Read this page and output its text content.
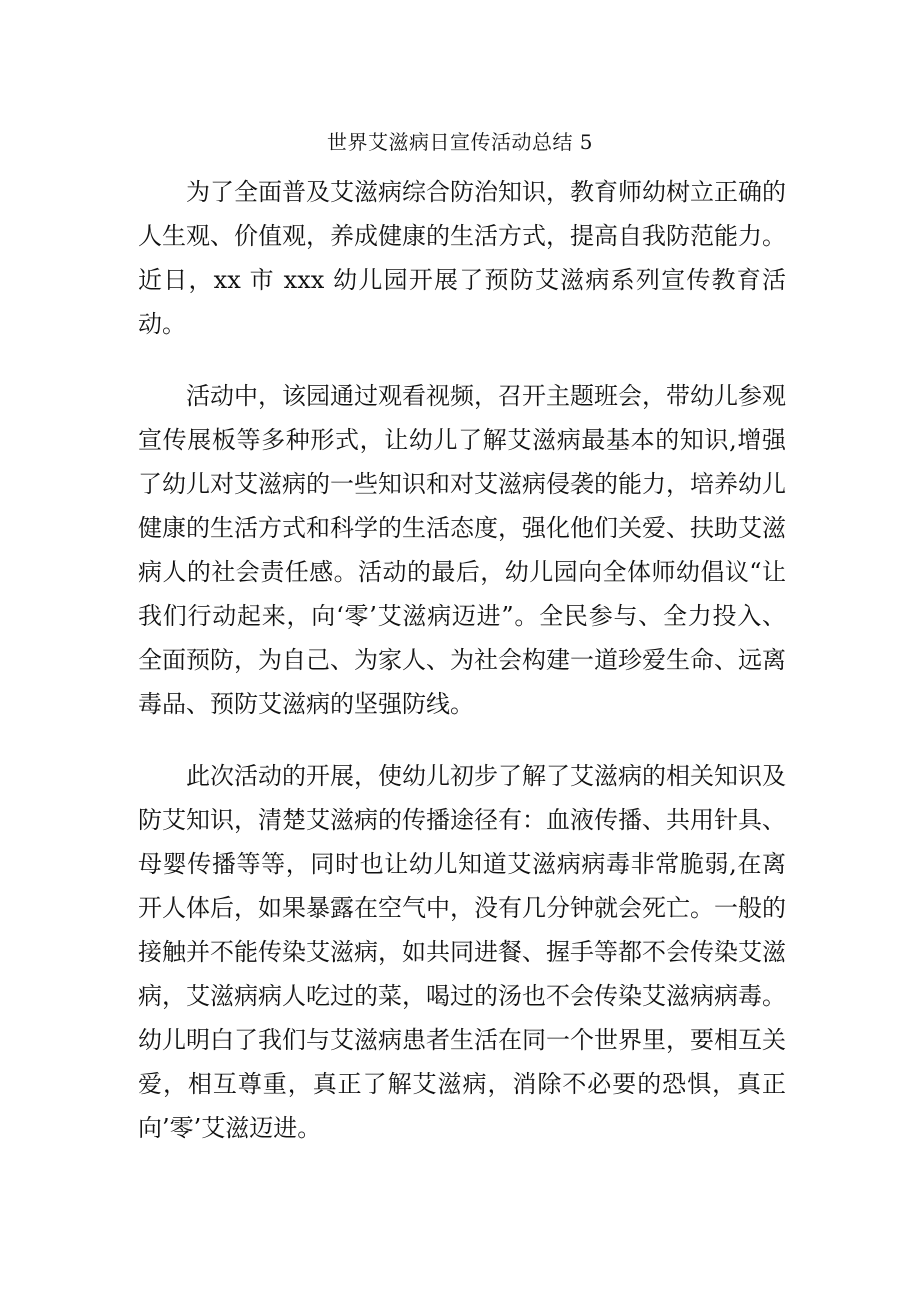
世界艾滋病日宣传活动总结 5

为了全面普及艾滋病综合防治知识，教育师幼树立正确的人生观、价值观，养成健康的生活方式，提高自我防范能力。近日，xx 市 xxx 幼儿园开展了预防艾滋病系列宣传教育活动。

活动中，该园通过观看视频，召开主题班会，带幼儿参观宣传展板等多种形式，让幼儿了解艾滋病最基本的知识,增强了幼儿对艾滋病的一些知识和对艾滋病侵袭的能力，培养幼儿健康的生活方式和科学的生活态度，强化他们关爱、扶助艾滋病人的社会责任感。活动的最后，幼儿园向全体师幼倡议“让我们行动起来，向‘零’艾滋病迈进”。全民参与、全力投入、全面预防，为自己、为家人、为社会构建一道珍爱生命、远离毒品、预防艾滋病的坚强防线。

此次活动的开展，使幼儿初步了解了艾滋病的相关知识及防艾知识，清楚艾滋病的传播途径有：血液传播、共用针具、母婴传播等等，同时也让幼儿知道艾滋病病毒非常脆弱,在离开人体后，如果暴露在空气中，没有几分钟就会死亡。一般的接触并不能传染艾滋病，如共同进餐、握手等都不会传染艾滋病，艾滋病病人吃过的菜，喝过的汤也不会传染艾滋病病毒。幼儿明白了我们与艾滋病患者生活在同一个世界里，要相互关爱，相互尊重，真正了解艾滋病，消除不必要的恐惧，真正向’零’艾滋迈进。
